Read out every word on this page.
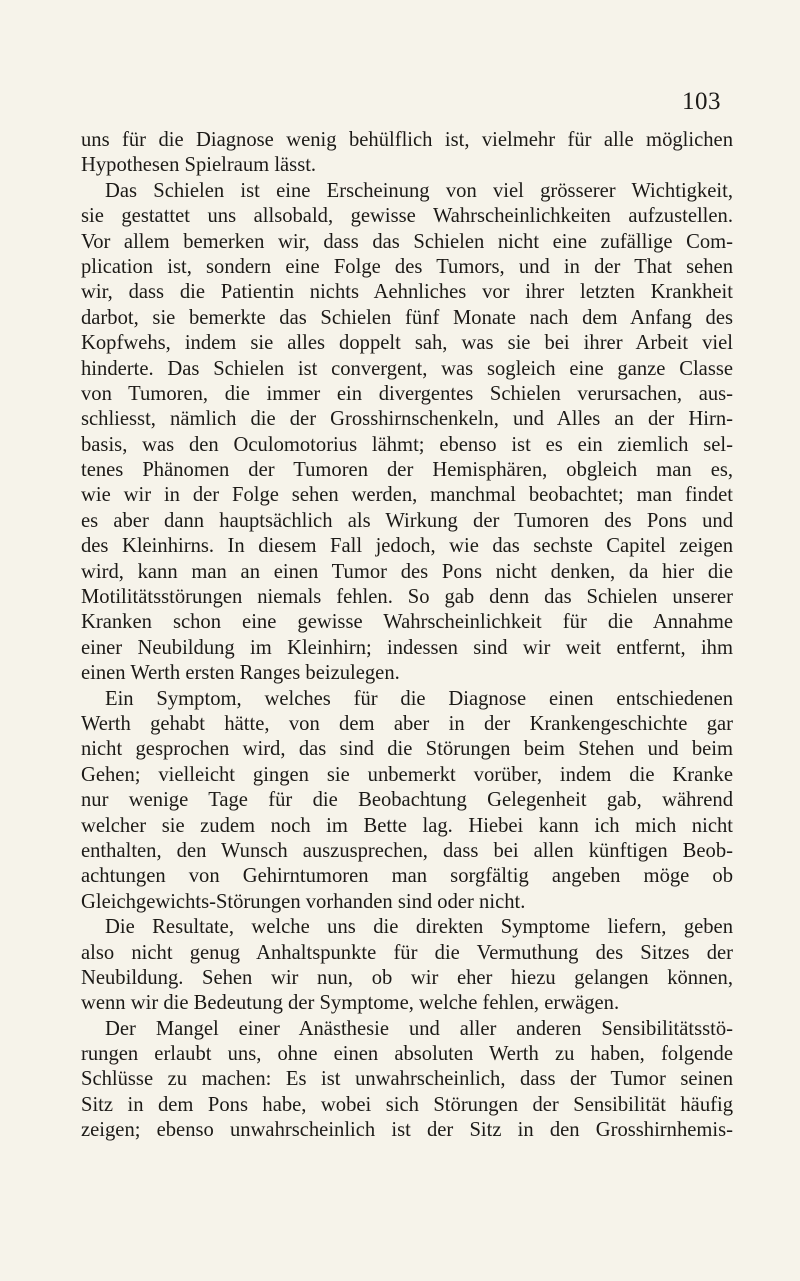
103
uns für die Diagnose wenig behülflich ist, vielmehr für alle möglichen
Hypothesen Spielraum lässt.
Das Schielen ist eine Erscheinung von viel grösserer Wichtigkeit,
sie gestattet uns allsobald, gewisse Wahrscheinlichkeiten aufzustellen.
Vor allem bemerken wir, dass das Schielen nicht eine zufällige Com-
plication ist, sondern eine Folge des Tumors, und in der That sehen
wir, dass die Patientin nichts Aehnliches vor ihrer letzten Krankheit
darbot, sie bemerkte das Schielen fünf Monate nach dem Anfang des
Kopfwehs, indem sie alles doppelt sah, was sie bei ihrer Arbeit viel
hinderte. Das Schielen ist convergent, was sogleich eine ganze Classe
von Tumoren, die immer ein divergentes Schielen verursachen, aus-
schliesst, nämlich die der Grosshirnschenkeln, und Alles an der Hirn-
basis, was den Oculomotorius lähmt; ebenso ist es ein ziemlich sel-
tenes Phänomen der Tumoren der Hemisphären, obgleich man es,
wie wir in der Folge sehen werden, manchmal beobachtet; man findet
es aber dann hauptsächlich als Wirkung der Tumoren des Pons und
des Kleinhirns. In diesem Fall jedoch, wie das sechste Capitel zeigen
wird, kann man an einen Tumor des Pons nicht denken, da hier die
Motilitätsstörungen niemals fehlen. So gab denn das Schielen unserer
Kranken schon eine gewisse Wahrscheinlichkeit für die Annahme
einer Neubildung im Kleinhirn; indessen sind wir weit entfernt, ihm
einen Werth ersten Ranges beizulegen.
Ein Symptom, welches für die Diagnose einen entschiedenen
Werth gehabt hätte, von dem aber in der Krankengeschichte gar
nicht gesprochen wird, das sind die Störungen beim Stehen und beim
Gehen; vielleicht gingen sie unbemerkt vorüber, indem die Kranke
nur wenige Tage für die Beobachtung Gelegenheit gab, während
welcher sie zudem noch im Bette lag. Hiebei kann ich mich nicht
enthalten, den Wunsch auszusprechen, dass bei allen künftigen Beob-
achtungen von Gehirntumoren man sorgfältig angeben möge ob
Gleichgewichts-Störungen vorhanden sind oder nicht.
Die Resultate, welche uns die direkten Symptome liefern, geben
also nicht genug Anhaltspunkte für die Vermuthung des Sitzes der
Neubildung. Sehen wir nun, ob wir eher hiezu gelangen können,
wenn wir die Bedeutung der Symptome, welche fehlen, erwägen.
Der Mangel einer Anästhesie und aller anderen Sensibilitätsstö-
rungen erlaubt uns, ohne einen absoluten Werth zu haben, folgende
Schlüsse zu machen: Es ist unwahrscheinlich, dass der Tumor seinen
Sitz in dem Pons habe, wobei sich Störungen der Sensibilität häufig
zeigen; ebenso unwahrscheinlich ist der Sitz in den Grosshirnhemis-
